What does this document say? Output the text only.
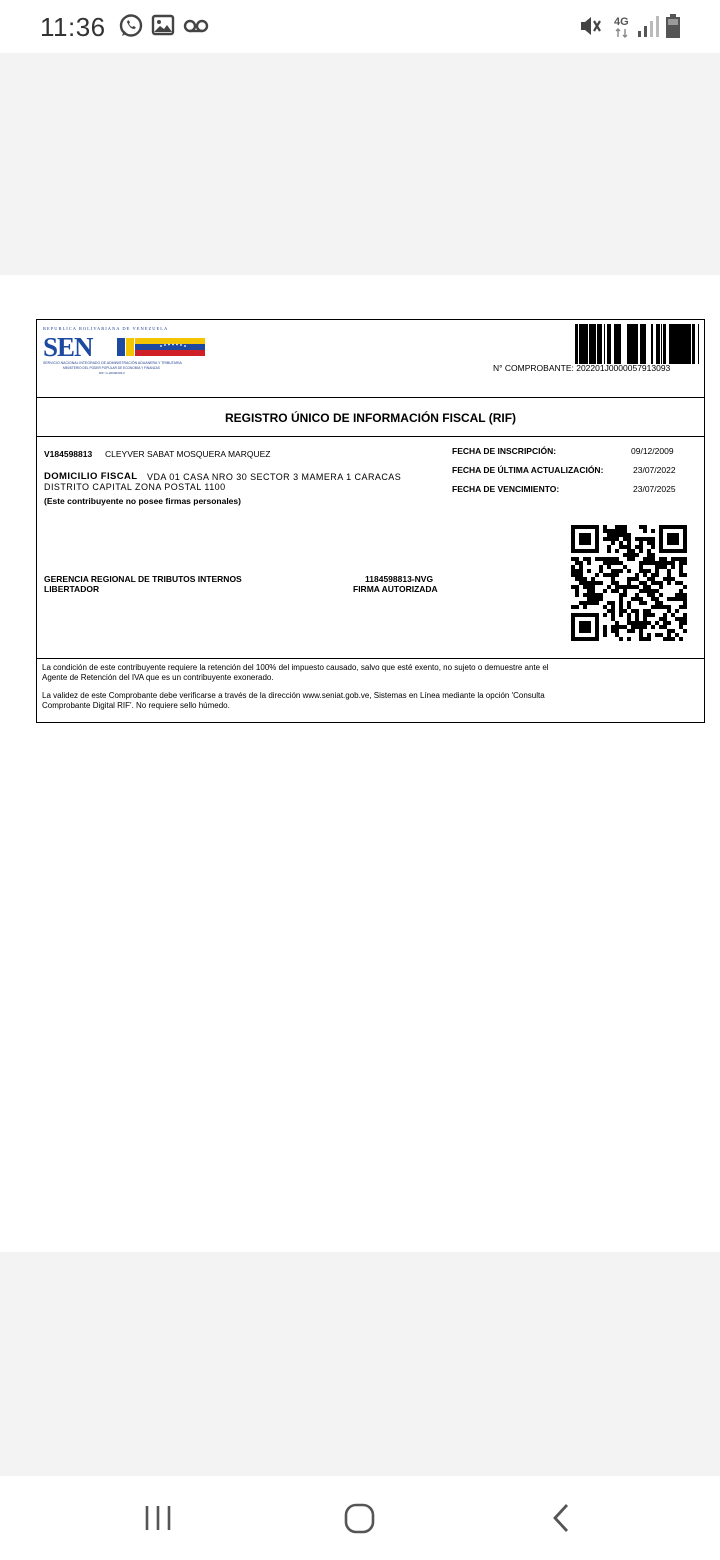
11:36	4G
REPUBLICA BOLIVARIANA DE VENEZUELA
SEN
SERVICIO NACIONAL INTEGRADO DE ADMINISTRACIÓN ADUANERA Y TRIBUTARIA
MINISTERIO DEL PODER POPULAR DE ECONOMÍA Y FINANZAS
RIF: G-20000303-0	N° COMPROBANTE: 202201J0000057913093
REGISTRO ÚNICO DE INFORMACIÓN FISCAL (RIF)
V184598813 CLEYVER SABAT MOSQUERA MARQUEZ
DOMICILIO FISCAL VDA 01 CASA NRO 30 SECTOR 3 MAMERA 1 CARACAS
DISTRITO CAPITAL ZONA POSTAL 1100
(Este contribuyente no posee firmas personales)
FECHA DE INSCRIPCIÓN:	09/12/2009
FECHA DE ÚLTIMA ACTUALIZACIÓN:	23/07/2022
FECHA DE VENCIMIENTO:	23/07/2025
GERENCIA REGIONAL DE TRIBUTOS INTERNOS
LIBERTADOR
1184598813-NVG
FIRMA AUTORIZADA
La condición de este contribuyente requiere la retención del 100% del impuesto causado, salvo que esté exento, no sujeto o demuestre ante el
Agente de Retención del IVA que es un contribuyente exonerado.
La validez de este Comprobante debe verificarse a través de la dirección www.seniat.gob.ve, Sistemas en Línea mediante la opción 'Consulta
Comprobante Digital RIF'. No requiere sello húmedo.
